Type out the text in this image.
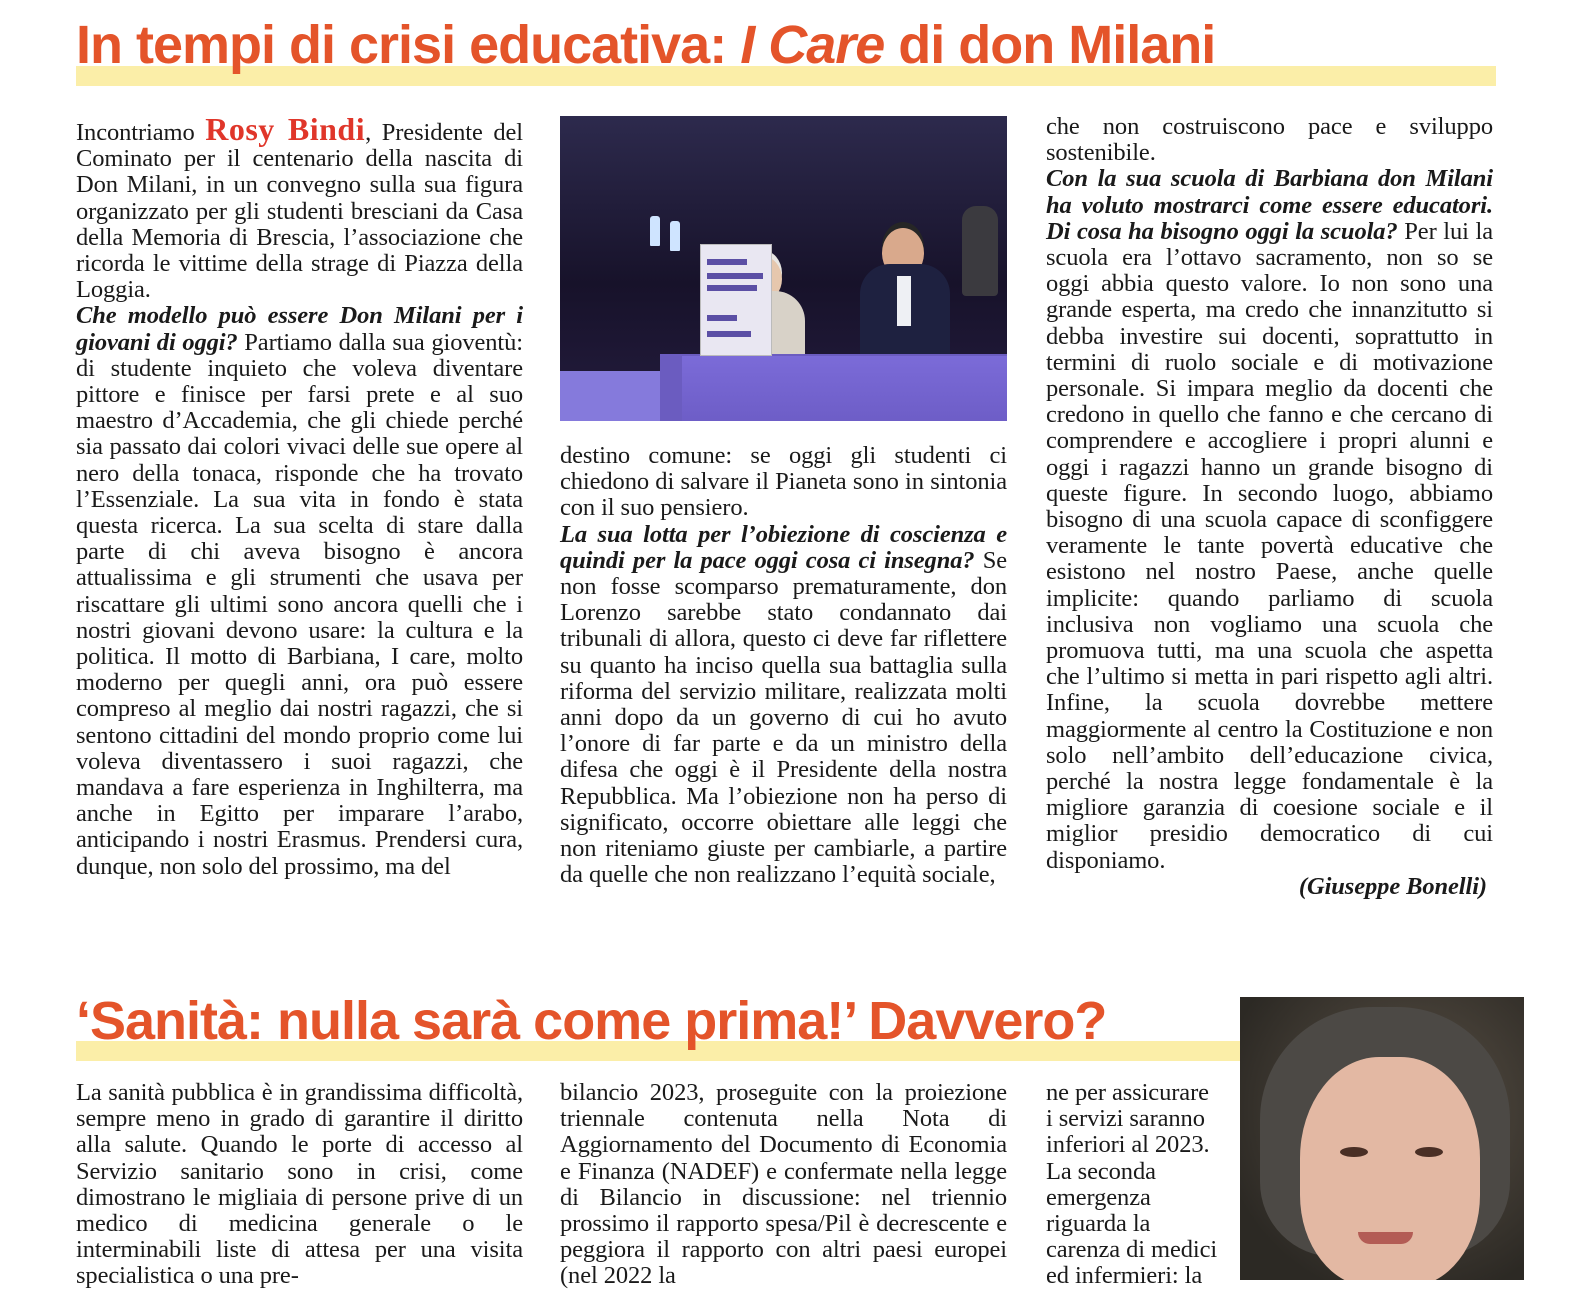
In tempi di crisi educativa: I Care di don Milani

Incontriamo Rosy Bindi, Presidente del Cominato per il centenario della nascita di Don Milani, in un convegno sulla sua figura organizzato per gli studenti bresciani da Casa della Memoria di Brescia, l’associazione che ricorda le vittime della strage di Piazza della Loggia.

Che modello può essere Don Milani per i giovani di oggi? Partiamo dalla sua gioventù: di studente inquieto che voleva diventare pittore e finisce per farsi prete e al suo maestro d’Accademia, che gli chiede perché sia passato dai colori vivaci delle sue opere al nero della tonaca, risponde che ha trovato l’Essenziale. La sua vita in fondo è stata questa ricerca. La sua scelta di stare dalla parte di chi aveva bisogno è ancora attualissima e gli strumenti che usava per riscattare gli ultimi sono ancora quelli che i nostri giovani devono usare: la cultura e la politica. Il motto di Barbiana, I care, molto moderno per quegli anni, ora può essere compreso al meglio dai nostri ragazzi, che si sentono cittadini del mondo proprio come lui voleva diventassero i suoi ragazzi, che mandava a fare esperienza in Inghilterra, ma anche in Egitto per imparare l’arabo, anticipando i nostri Erasmus. Prendersi cura, dunque, non solo del prossimo, ma del

destino comune: se oggi gli studenti ci chiedono di salvare il Pianeta sono in sintonia con il suo pensiero.

La sua lotta per l’obiezione di coscienza e quindi per la pace oggi cosa ci insegna? Se non fosse scomparso prematuramente, don Lorenzo sarebbe stato condannato dai tribunali di allora, questo ci deve far riflettere su quanto ha inciso quella sua battaglia sulla riforma del servizio militare, realizzata molti anni dopo da un governo di cui ho avuto l’onore di far parte e da un ministro della difesa che oggi è il Presidente della nostra Repubblica. Ma l’obiezione non ha perso di significato, occorre obiettare alle leggi che non riteniamo giuste per cambiarle, a partire da quelle che non realizzano l’equità sociale,

che non costruiscono pace e sviluppo sostenibile.

Con la sua scuola di Barbiana don Milani ha voluto mostrarci come essere educatori. Di cosa ha bisogno oggi la scuola? Per lui la scuola era l’ottavo sacramento, non so se oggi abbia questo valore. Io non sono una grande esperta, ma credo che innanzitutto si debba investire sui docenti, soprattutto in termini di ruolo sociale e di motivazione personale. Si impara meglio da docenti che credono in quello che fanno e che cercano di comprendere e accogliere i propri alunni e oggi i ragazzi hanno un grande bisogno di queste figure. In secondo luogo, abbiamo bisogno di una scuola capace di sconfiggere veramente le tante povertà educative che esistono nel nostro Paese, anche quelle implicite: quando parliamo di scuola inclusiva non vogliamo una scuola che promuova tutti, ma una scuola che aspetta che l’ultimo si metta in pari rispetto agli altri. Infine, la scuola dovrebbe mettere maggiormente al centro la Costituzione e non solo nell’ambito dell’educazione civica, perché la nostra legge fondamentale è la migliore garanzia di coesione sociale e il miglior presidio democratico di cui disponiamo.

(Giuseppe Bonelli)

‘Sanità: nulla sarà come prima!’ Davvero?

La sanità pubblica è in grandissima difficoltà, sempre meno in grado di garantire il diritto alla salute. Quando le porte di accesso al Servizio sanitario sono in crisi, come dimostrano le migliaia di persone prive di un medico di medicina generale o le interminabili liste di attesa per una visita specialistica o una pre-

bilancio 2023, proseguite con la proiezione triennale contenuta nella Nota di Aggiornamento del Documento di Economia e Finanza (NADEF) e confermate nella legge di Bilancio in discussione: nel triennio prossimo il rapporto spesa/Pil è decrescente e peggiora il rapporto con altri paesi europei (nel 2022 la

ne per assicurare i servizi saranno inferiori al 2023. La seconda emergenza riguarda la carenza di medici ed infermieri: la
